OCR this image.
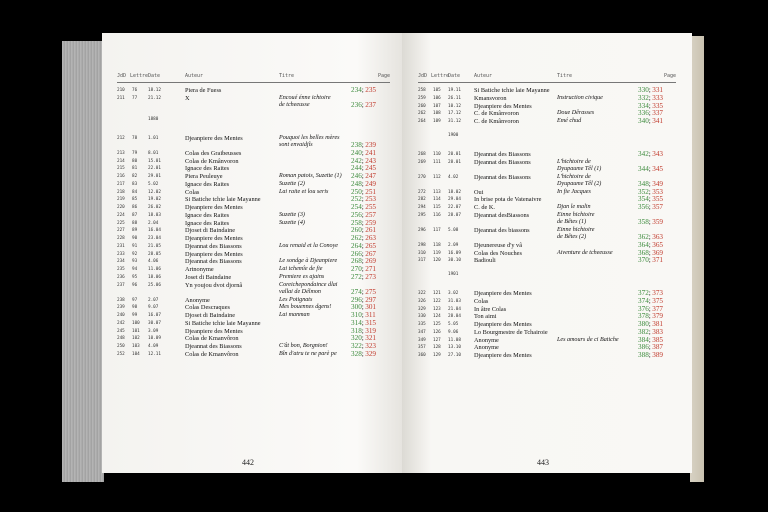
JdD Lettre Date	Auteur	Titre	Page
442
210 76	18.12	Piera de Fuess	234; 235
211 77	21.12	X	Encoué énne ichtoire
de tcheeusse	236; 237
1880
212 78	1.01	Djeanpiere des Mentes	Pouquoi les belles mères
sont envaidjîs	238; 239
213 79	8.01	Colas des Graibeusses	240; 241
214 80	15.01	Colas de Kmânvoron	242; 243
215 81	22.01	Ignace des Raites	244; 245
216 82	29.01	Piera Peuleuye	Roman patois, Suzette (1) 246; 247
217 83	5.02	Ignace des Raites	Suzette (2)	248; 249
218 84	12.02	Colas	Lai raite et lou seris	250; 251
219 85	19.02	Si Batiche tchie laie Mayanne	252; 253
220 86	26.02	Djeanpiere des Mentes	254; 255
224 87	18.03	Ignace des Raites	Suzette (3)	256; 257
225 88	2.04	Ignace des Raites	Suzette (4)	258; 259
227 89	16.04	Djoset di Baindaine	260; 261
228 90	23.04	Djeanpiere des Mentes	262; 263
231 91	21.05	Djeannat des Biassons	Lou renaid et la Conoye 264; 265
233 92	28.05	Djeanpiere des Mentes	266; 267
234 93	4.06	Djeannat des Biassons	Le sondge à Djeanpiere 268; 269
235 94	11.06	Artnonyme	Lai tchemîe de fie	270; 271
236 95	18.06	Joset di Baindaine	Premiere es ajains	272; 273
237 96	25.06	Yn youjou dvot djornâ	Coreichepondaince dlai
vallai de Délmon	274; 275
238 97	2.07	Anonyme	Les Potignats	296; 297
239 98	9.07	Colas Descraques	Mes bouennes dgens!	300; 301
240 99	16.07	Djoset di Baindaine	Lai manman	310; 311
242 100 30.07	Si Batiche tchie laie Mayanne	314; 315
245 101 3.09	Djeanpiere des Mentes	318; 319
248 102 10.09	Colas de Kmanvôron	320; 321
250 103 4.09	Djeannat des Biassons	C'ât bon, Borgnion!	322; 323
252 104 12.11	Colas de Kmanvôron	Bîn d'atru te ne parè pe 328; 329
JdD Lettre
Date	Auteur	Titre	Page
443
258 105 19.11 Si Batiche tchie laie Mayanne	330; 331
259 106 26.11 Kmansvoron	Instruction civique	332; 333
260 107 10.12 Djeanpiere des Mentes	334; 335
262 108 17.12 C. de Kmânvoron	Doue Dêrasses	336; 337
264 109 31.12 C. de Kmânvoron	Emé chud	340; 341
1900
268 110 20.01 Djeannat des Biassons	342; 343
269 111 28.01 Djeannat des Biassons	L'hichtoire de
Dyupaume Têl (1)	344; 345
270 112 4.02 Djeannat des Biassons	L'hichtoire de
Dyupaume Têl (2)	348; 349
272 113 18.02 Oui	In fie Jacques	352; 353
282 114 29.04 In brise pota de Vatenaivre	354; 355
294 115 22.07 C. de K.	Djan le malin	356; 357
295 116 28.07 Djeannat desBiassons	Einne hichtoire
de Bêtes (1)	358; 359
296 117 5.08 Djeannat des biassons	Einne hichtoire
de Bêtes (2)	362; 363
298 118 2.09 Djeunereuse d'y vâ	364; 365
310 119 16.09 Colas des Nouches	Aiventure de tcheeusse	368; 369
317 120 30.10 Badiouli	370; 371
1901
322 121 3.02 Djeanpiere des Mentes	372; 373
326 122 31.03 Colas	374; 375
329 123 21.04 In âtre Colas	376; 377
330 124 28.04 Ton aimi	378; 379
335 125 5.05 Djeanpiere des Mentes	380; 381
347 126 9.06 Lo Bourgmestre de Tchairoie	382; 383
349 127 11.08 Anonyme	Les amours de ci Batiche	384; 385
357 128 13.10 Anonyme	386; 387
360 129 27.10 Djeanpiere des Mentes	388; 389
